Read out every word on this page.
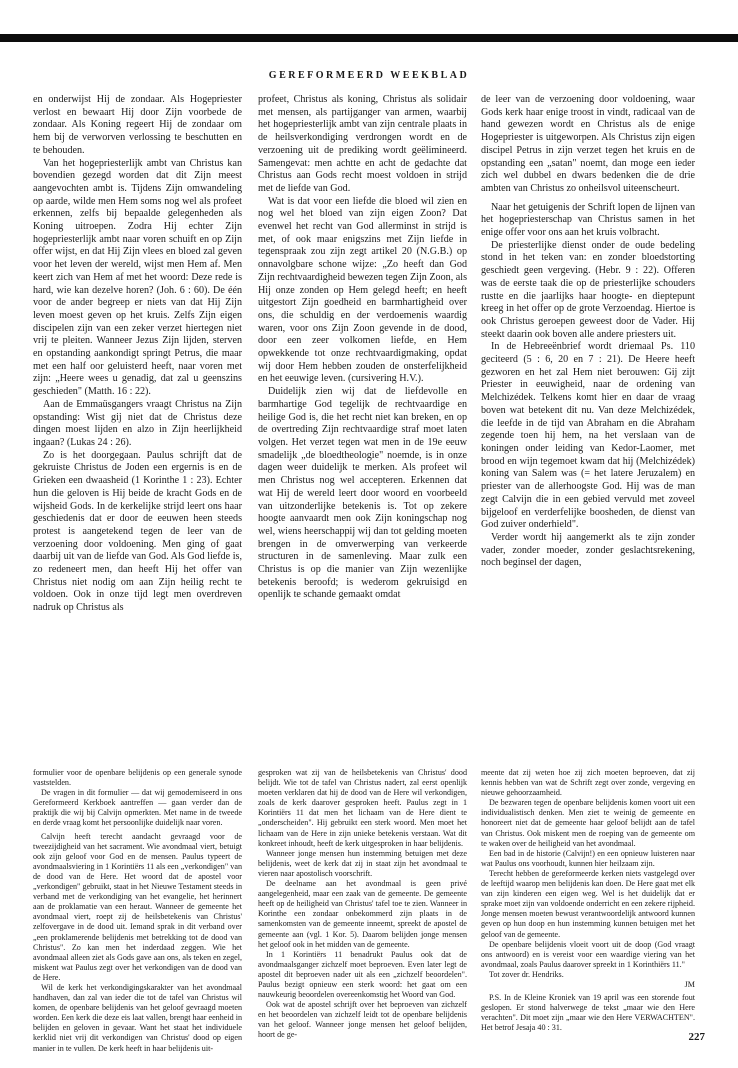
GEREFORMEERD WEEKBLAD

en onderwijst Hij de zondaar. Als Hogepriester verlost en bewaart Hij door Zijn voorbede de zondaar. Als Koning regeert Hij de zondaar om hem bij de verworven verlossing te beschutten en te behouden.

Van het hogepriesterlijk ambt van Christus kan bovendien gezegd worden dat dit Zijn meest aangevochten ambt is. Tijdens Zijn omwandeling op aarde, wilde men Hem soms nog wel als profeet erkennen, zelfs bij bepaalde gelegenheden als Koning uitroepen. Zodra Hij echter Zijn hogepriesterlijk ambt naar voren schuift en op Zijn offer wijst, en dat Hij Zijn vlees en bloed zal geven voor het leven der wereld, wijst men Hem af. Men keert zich van Hem af met het woord: Deze rede is hard, wie kan dezelve horen? (Joh. 6 : 60). De één voor de ander begreep er niets van dat Hij Zijn leven moest geven op het kruis. Zelfs Zijn eigen discipelen zijn van een zeker verzet hiertegen niet vrij te pleiten. Wanneer Jezus Zijn lijden, sterven en opstanding aankondigt springt Petrus, die maar met een half oor geluisterd heeft, naar voren met zijn: „Heere wees u genadig, dat zal u geenszins geschieden" (Matth. 16 : 22).

Aan de Emmaüsgangers vraagt Christus na Zijn opstanding: Wist gij niet dat de Christus deze dingen moest lijden en alzo in Zijn heerlijkheid ingaan? (Lukas 24 : 26).

Zo is het doorgegaan. Paulus schrijft dat de gekruiste Christus de Joden een ergernis is en de Grieken een dwaasheid (1 Korinthe 1 : 23). Echter hun die geloven is Hij beide de kracht Gods en de wijsheid Gods. In de kerkelijke strijd leert ons haar geschiedenis dat er door de eeuwen heen steeds protest is aangetekend tegen de leer van de verzoening door voldoening. Men ging of gaat daarbij uit van de liefde van God. Als God liefde is, zo redeneert men, dan heeft Hij het offer van Christus niet nodig om aan Zijn heilig recht te voldoen. Ook in onze tijd legt men overdreven nadruk op Christus als

profeet, Christus als koning, Christus als solidair met mensen, als partijganger van armen, waarbij het hogepriesterlijk ambt van zijn centrale plaats in de heilsverkondiging verdrongen wordt en de verzoening uit de prediking wordt geëlimineerd. Samengevat: men achtte en acht de gedachte dat Christus aan Gods recht moest voldoen in strijd met de liefde van God.

Wat is dat voor een liefde die bloed wil zien en nog wel het bloed van zijn eigen Zoon? Dat evenwel het recht van God allerminst in strijd is met, of ook maar enigszins met Zijn liefde in tegenspraak zou zijn zegt artikel 20 (N.G.B.) op onnavolgbare schone wijze: „Zo heeft dan God Zijn rechtvaardigheid bewezen tegen Zijn Zoon, als Hij onze zonden op Hem gelegd heeft; en heeft uitgestort Zijn goedheid en barmhartigheid over ons, die schuldig en der verdoemenis waardig waren, voor ons Zijn Zoon gevende in de dood, door een zeer volkomen liefde, en Hem opwekkende tot onze rechtvaardigmaking, opdat wij door Hem hebben zouden de onsterfelijkheid en het eeuwige leven. (cursivering H.V.).

Duidelijk zien wij dat de liefdevolle en barmhartige God tegelijk de rechtvaardige en heilige God is, die het recht niet kan breken, en op de overtreding Zijn rechtvaardige straf moet laten volgen. Het verzet tegen wat men in de 19e eeuw smadelijk „de bloedtheologie" noemde, is in onze dagen weer duidelijk te merken. Als profeet wil men Christus nog wel accepteren. Erkennen dat wat Hij de wereld leert door woord en voorbeeld van uitzonderlijke betekenis is. Tot op zekere hoogte aanvaardt men ook Zijn koningschap nog wel, wiens heerschappij wij dan tot gelding moeten brengen in de omverwerping van verkeerde structuren in de samenleving. Maar zulk een Christus is op die manier van Zijn wezenlijke betekenis beroofd; is wederom gekruisigd en openlijk te schande gemaakt omdat

de leer van de verzoening door voldoening, waar Gods kerk haar enige troost in vindt, radicaal van de hand gewezen wordt en Christus als de enige Hogepriester is uitgeworpen. Als Christus zijn eigen discipel Petrus in zijn verzet tegen het kruis en de opstanding een „satan" noemt, dan moge een ieder zich wel dubbel en dwars bedenken die de drie ambten van Christus zo onheilsvol uiteenscheurt.

Naar het getuigenis der Schrift lopen de lijnen van het hogepriesterschap van Christus samen in het enige offer voor ons aan het kruis volbracht.

De priesterlijke dienst onder de oude bedeling stond in het teken van: en zonder bloedstorting geschiedt geen vergeving. (Hebr. 9 : 22). Offeren was de eerste taak die op de priesterlijke schouders rustte en die jaarlijks haar hoogte- en dieptepunt kreeg in het offer op de grote Verzoendag. Hiertoe is ook Christus geroepen geweest door de Vader. Hij steekt daarin ook boven alle andere priesters uit.

In de Hebreeënbrief wordt driemaal Ps. 110 geciteerd (5 : 6, 20 en 7 : 21). De Heere heeft gezworen en het zal Hem niet berouwen: Gij zijt Priester in eeuwigheid, naar de ordening van Melchizédek. Telkens komt hier en daar de vraag boven wat betekent dit nu. Van deze Melchizédek, die leefde in de tijd van Abraham en die Abraham zegende toen hij hem, na het verslaan van de koningen onder leiding van Kedor-Laomer, met brood en wijn tegemoet kwam dat hij (Melchizédek) koning van Salem was (= het latere Jeruzalem) en priester van de allerhoogste God. Hij was de man zegt Calvijn die in een gebied vervuld met zoveel bijgeloof en verderfelijke boosheden, de dienst van God zuiver onderhield".

Verder wordt hij aangemerkt als te zijn zonder vader, zonder moeder, zonder geslachtsrekening, noch beginsel der dagen,

formulier voor de openbare belijdenis op een generale synode vaststelden.

De vragen in dit formulier — dat wij gemoderniseerd in ons Gereformeerd Kerkboek aantreffen — gaan verder dan de praktijk die wij bij Calvijn opmerkten. Met name in de tweede en derde vraag komt het persoonlijke duidelijk naar voren.

Calvijn heeft terecht aandacht gevraagd voor de tweezijdigheid van het sacrament. Wie avondmaal viert, betuigt ook zijn geloof voor God en de mensen. Paulus typeert de avondmaalsviering in 1 Korintiërs 11 als een „verkondigen" van de dood van de Here. Het woord dat de apostel voor „verkondigen" gebruikt, staat in het Nieuwe Testament steeds in verband met de verkondiging van het evangelie, het herinnert aan de proklamatie van een heraut. Wanneer de gemeente het avondmaal viert, roept zij de heilsbetekenis van Christus' zelfovergave in de dood uit. Iemand sprak in dit verband over „een proklamerende belijdenis met betrekking tot de dood van Christus". Zo kan men het inderdaad zeggen. Wie het avondmaal alleen ziet als Gods gave aan ons, als teken en zegel, miskent wat Paulus zegt over het verkondigen van de dood van de Here.

Wil de kerk het verkondigingskarakter van het avondmaal handhaven, dan zal van ieder die tot de tafel van Christus wil komen, de openbare belijdenis van het geloof gevraagd moeten worden. Een kerk die deze eis laat vallen, brengt haar eenheid in belijden en geloven in gevaar. Want het staat het individuele kerklid niet vrij dit verkondigen van Christus' dood op eigen manier in te vullen. De kerk heeft in haar belijdenis uit-

gesproken wat zij van de heilsbetekenis van Christus' dood belijdt. Wie tot de tafel van Christus nadert, zal eerst openlijk moeten verklaren dat hij de dood van de Here wil verkondigen, zoals de kerk daarover gesproken heeft. Paulus zegt in 1 Korintiërs 11 dat men het lichaam van de Here dient te „onderscheiden". Hij gebruikt een sterk woord. Men moet het lichaam van de Here in zijn unieke betekenis verstaan. Wat dit konkreet inhoudt, heeft de kerk uitgesproken in haar belijdenis.

Wanneer jonge mensen hun instemming betuigen met deze belijdenis, weet de kerk dat zij in staat zijn het avondmaal te vieren naar apostolisch voorschrift.

De deelname aan het avondmaal is geen privé aangelegenheid, maar een zaak van de gemeente. De gemeente heeft op de heiligheid van Christus' tafel toe te zien. Wanneer in Korinthe een zondaar onbekommerd zijn plaats in de samenkomsten van de gemeente inneemt, spreekt de apostel de gemeente aan (vgl. 1 Kor. 5). Daarom belijden jonge mensen het geloof ook in het midden van de gemeente.

In 1 Korintiërs 11 benadrukt Paulus ook dat de avondmaalsganger zichzelf moet beproeven. Even later legt de apostel dit beproeven nader uit als een „zichzelf beoordelen". Paulus bezigt opnieuw een sterk woord: het gaat om een nauwkeurig beoordelen overeenkomstig het Woord van God.

Ook wat de apostel schrijft over het beproeven van zichzelf en het beoordelen van zichzelf leidt tot de openbare belijdenis van het geloof. Wanneer jonge mensen het geloof belijden, hoort de ge-

meente dat zij weten hoe zij zich moeten beproeven, dat zij kennis hebben van wat de Schrift zegt over zonde, vergeving en nieuwe gehoorzaamheid.

De bezwaren tegen de openbare belijdenis komen voort uit een individualistisch denken. Men ziet te weinig de gemeente en honoreert niet dat de gemeente haar geloof belijdt aan de tafel van Christus. Ook miskent men de roeping van de gemeente om te waken over de heiligheid van het avondmaal.

Een bad in de historie (Calvijn!) en een opnieuw luisteren naar wat Paulus ons voorhoudt, kunnen hier heilzaam zijn.

Terecht hebben de gereformeerde kerken niets vastgelegd over de leeftijd waarop men belijdenis kan doen. De Here gaat met elk van zijn kinderen een eigen weg. Wel is het duidelijk dat er sprake moet zijn van voldoende onderricht en een zekere rijpheid. Jonge mensen moeten bewust verantwoordelijk antwoord kunnen geven op hun doop en hun instemming kunnen betuigen met het geloof van de gemeente.

De openbare belijdenis vloeit voort uit de doop (God vraagt ons antwoord) en is vereist voor een waardige viering van het avondmaal, zoals Paulus daarover spreekt in 1 Korinthiërs 11."

Tot zover dr. Hendriks.

JM

P.S. In de Kleine Kroniek van 19 april was een storende fout geslopen. Er stond halverwege de tekst „maar wie den Here verachten". Dit moet zijn „maar wie den Here VERWACHTEN". Het betrof Jesaja 40 : 31.

227
